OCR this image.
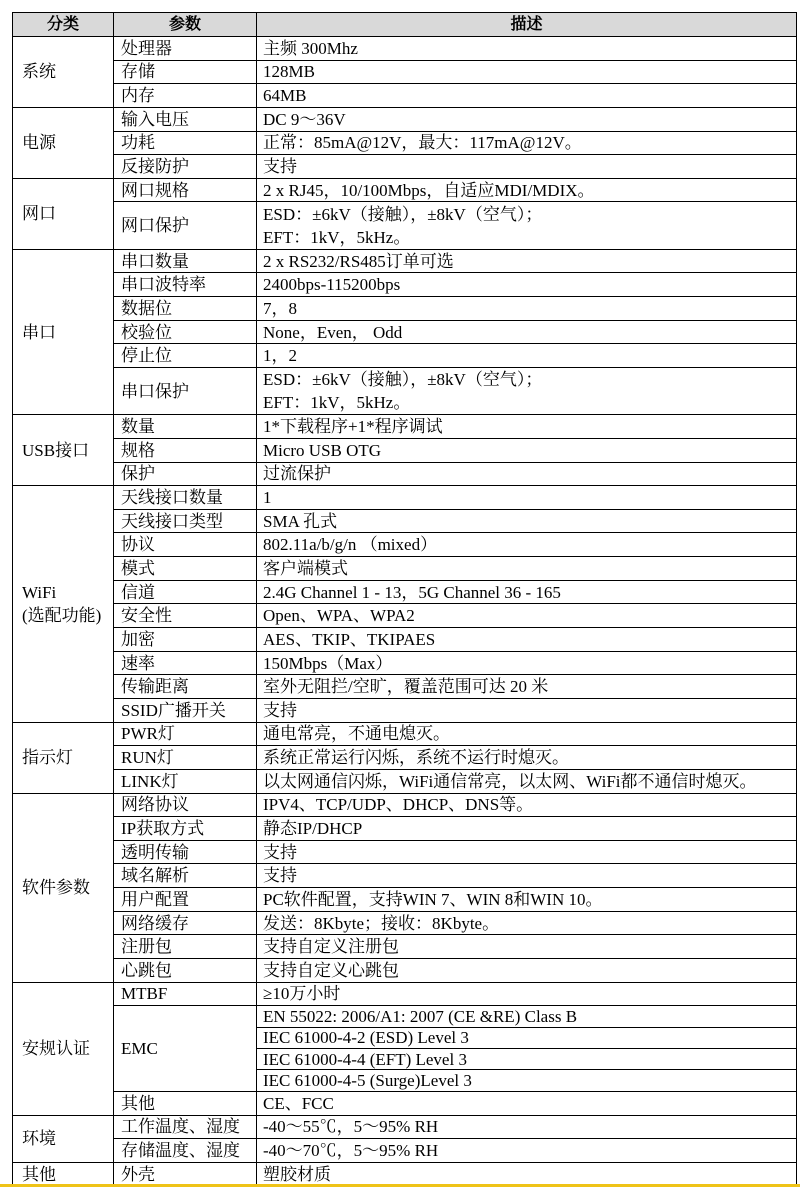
分类	参数	描述
系统	处理器	主频 300Mhz
	存储	128MB
	内存	64MB
电源	输入电压	DC 9～36V
	功耗	正常：85mA@12V，最大：117mA@12V。
	反接防护	支持
网口	网口规格	2 x RJ45，10/100Mbps，自适应MDI/MDIX。
	网口保护	ESD：±6kV（接触），±8kV（空气）；
EFT：1kV，5kHz。
串口	串口数量	2 x RS232/RS485订单可选
	串口波特率	2400bps-115200bps
	数据位	7，8
	校验位	None，Even， Odd
	停止位	1，2
	串口保护	ESD：±6kV（接触），±8kV（空气）；
EFT：1kV，5kHz。
USB接口	数量	1*下载程序+1*程序调试
	规格	Micro USB OTG
	保护	过流保护
WiFi
(选配功能)	天线接口数量	1
	天线接口类型	SMA 孔式
	协议	802.11a/b/g/n （mixed）
	模式	客户端模式
	信道	2.4G Channel 1 - 13，5G Channel 36 - 165
	安全性	Open、WPA、WPA2
	加密	AES、TKIP、TKIPAES
	速率	150Mbps（Max）
	传输距离	室外无阻拦/空旷，覆盖范围可达 20 米
	SSID广播开关	支持
指示灯	PWR灯	通电常亮，不通电熄灭。
	RUN灯	系统正常运行闪烁，系统不运行时熄灭。
	LINK灯	以太网通信闪烁，WiFi通信常亮，以太网、WiFi都不通信时熄灭。
软件参数	网络协议	IPV4、TCP/UDP、DHCP、DNS等。
	IP获取方式	静态IP/DHCP
	透明传输	支持
	域名解析	支持
	用户配置	PC软件配置，支持WIN 7、WIN 8和WIN 10。
	网络缓存	发送：8Kbyte；接收：8Kbyte。
	注册包	支持自定义注册包
	心跳包	支持自定义心跳包
安规认证	MTBF	≥10万小时
	EMC	EN 55022: 2006/A1: 2007 (CE &RE) Class B
		IEC 61000-4-2 (ESD) Level 3
		IEC 61000-4-4 (EFT) Level 3
		IEC 61000-4-5 (Surge)Level 3
	其他	CE、FCC
环境	工作温度、湿度	-40～55℃，5～95% RH
	存储温度、湿度	-40～70℃，5～95% RH
其他	外壳	塑胶材质
